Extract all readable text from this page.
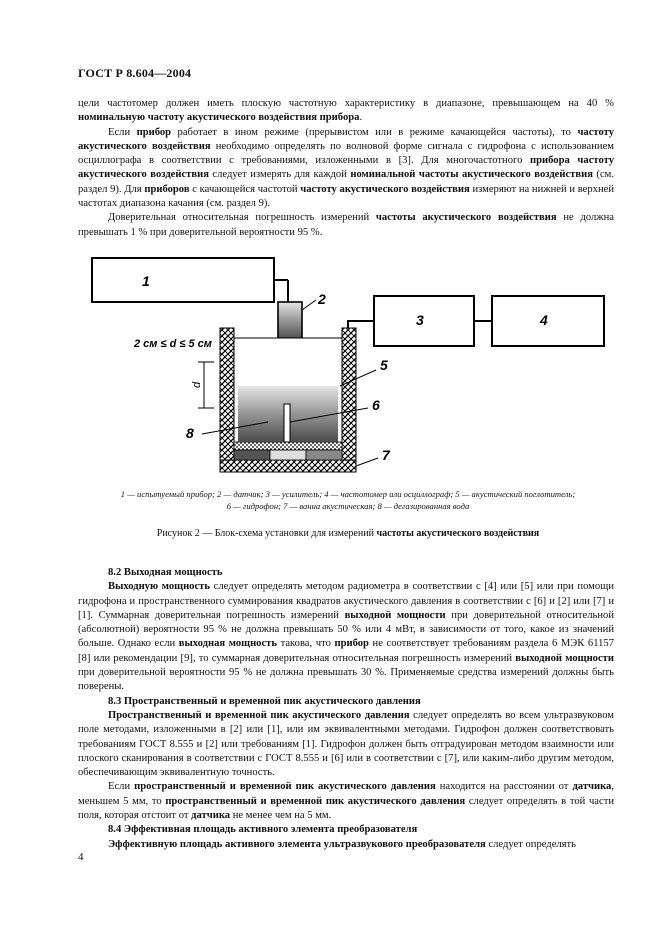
ГОСТ Р 8.604—2004

цели частотомер должен иметь плоскую частотную характеристику в диапазоне, превышающем на 40 % номинальную частоту акустического воздействия прибора.

Если прибор работает в ином режиме (прерывистом или в режиме качающейся частоты), то частоту акустического воздействия необходимо определять по волновой форме сигнала с гидрофона с использованием осциллографа в соответствии с требованиями, изложенными в [3]. Для многочастотного прибора частоту акустического воздействия следует измерять для каждой номинальной частоты акустического воздействия (см. раздел 9). Для приборов с качающейся частотой частоту акустического воздействия измеряют на нижней и верхней частотах диапазона качания (см. раздел 9).

Доверительная относительная погрешность измерений частоты акустического воздействия не должна превышать 1 % при доверительной вероятности 95 %.

1
2
3	4
d
2 см ≤ d ≤ 5 см
5
6
7
8
1 — испытуемый прибор; 2 — датчик; 3 — усилитель; 4 — частотомер или осциллограф; 5 — акустический поглотитель;
6 — гидрофон; 7 — ванна акустическая; 8 — дегазированная вода
Рисунок 2 — Блок-схема установки для измерений частоты акустического воздействия

8.2 Выходная мощность

Выходную мощность следует определять методом радиометра в соответствии с [4] или [5] или при помощи гидрофона и пространственного суммирования квадратов акустического давления в соответствии с [6] и [2] или [7] и [1]. Суммарная доверительная погрешность измерений выходной мощности при доверительной относительной (абсолютной) вероятности 95 % не должна превышать 50 % или 4 мВт, в зависимости от того, какое из значений больше. Однако если выходная мощность такова, что прибор не соответствует требованиям раздела 6 МЭК 61157 [8] или рекомендации [9], то суммарная доверительная относительная погрешность измерений выходной мощности при доверительной вероятности 95 % не должна превышать 30 %. Применяемые средства измерений должны быть поверены.

8.3 Пространственный и временной пик акустического давления

Пространственный и временной пик акустического давления следует определять во всем ультразвуковом поле методами, изложенными в [2] или [1], или им эквивалентными методами. Гидрофон должен соответствовать требованиям ГОСТ 8.555 и [2] или требованиям [1]. Гидрофон должен быть отградуирован методом взаимности или плоского сканирования в соответствии с ГОСТ 8.555 и [6] или в соответствии с [7], или каким-либо другим методом, обеспечивающим эквивалентную точность.

Если пространственный и временной пик акустического давления находится на расстоянии от датчика, меньшем 5 мм, то пространственный и временной пик акустического давления следует определять в той части поля, которая отстоит от датчика не менее чем на 5 мм.

8.4 Эффективная площадь активного элемента преобразователя

Эффективную площадь активного элемента ультразвукового преобразователя следует определять

4
